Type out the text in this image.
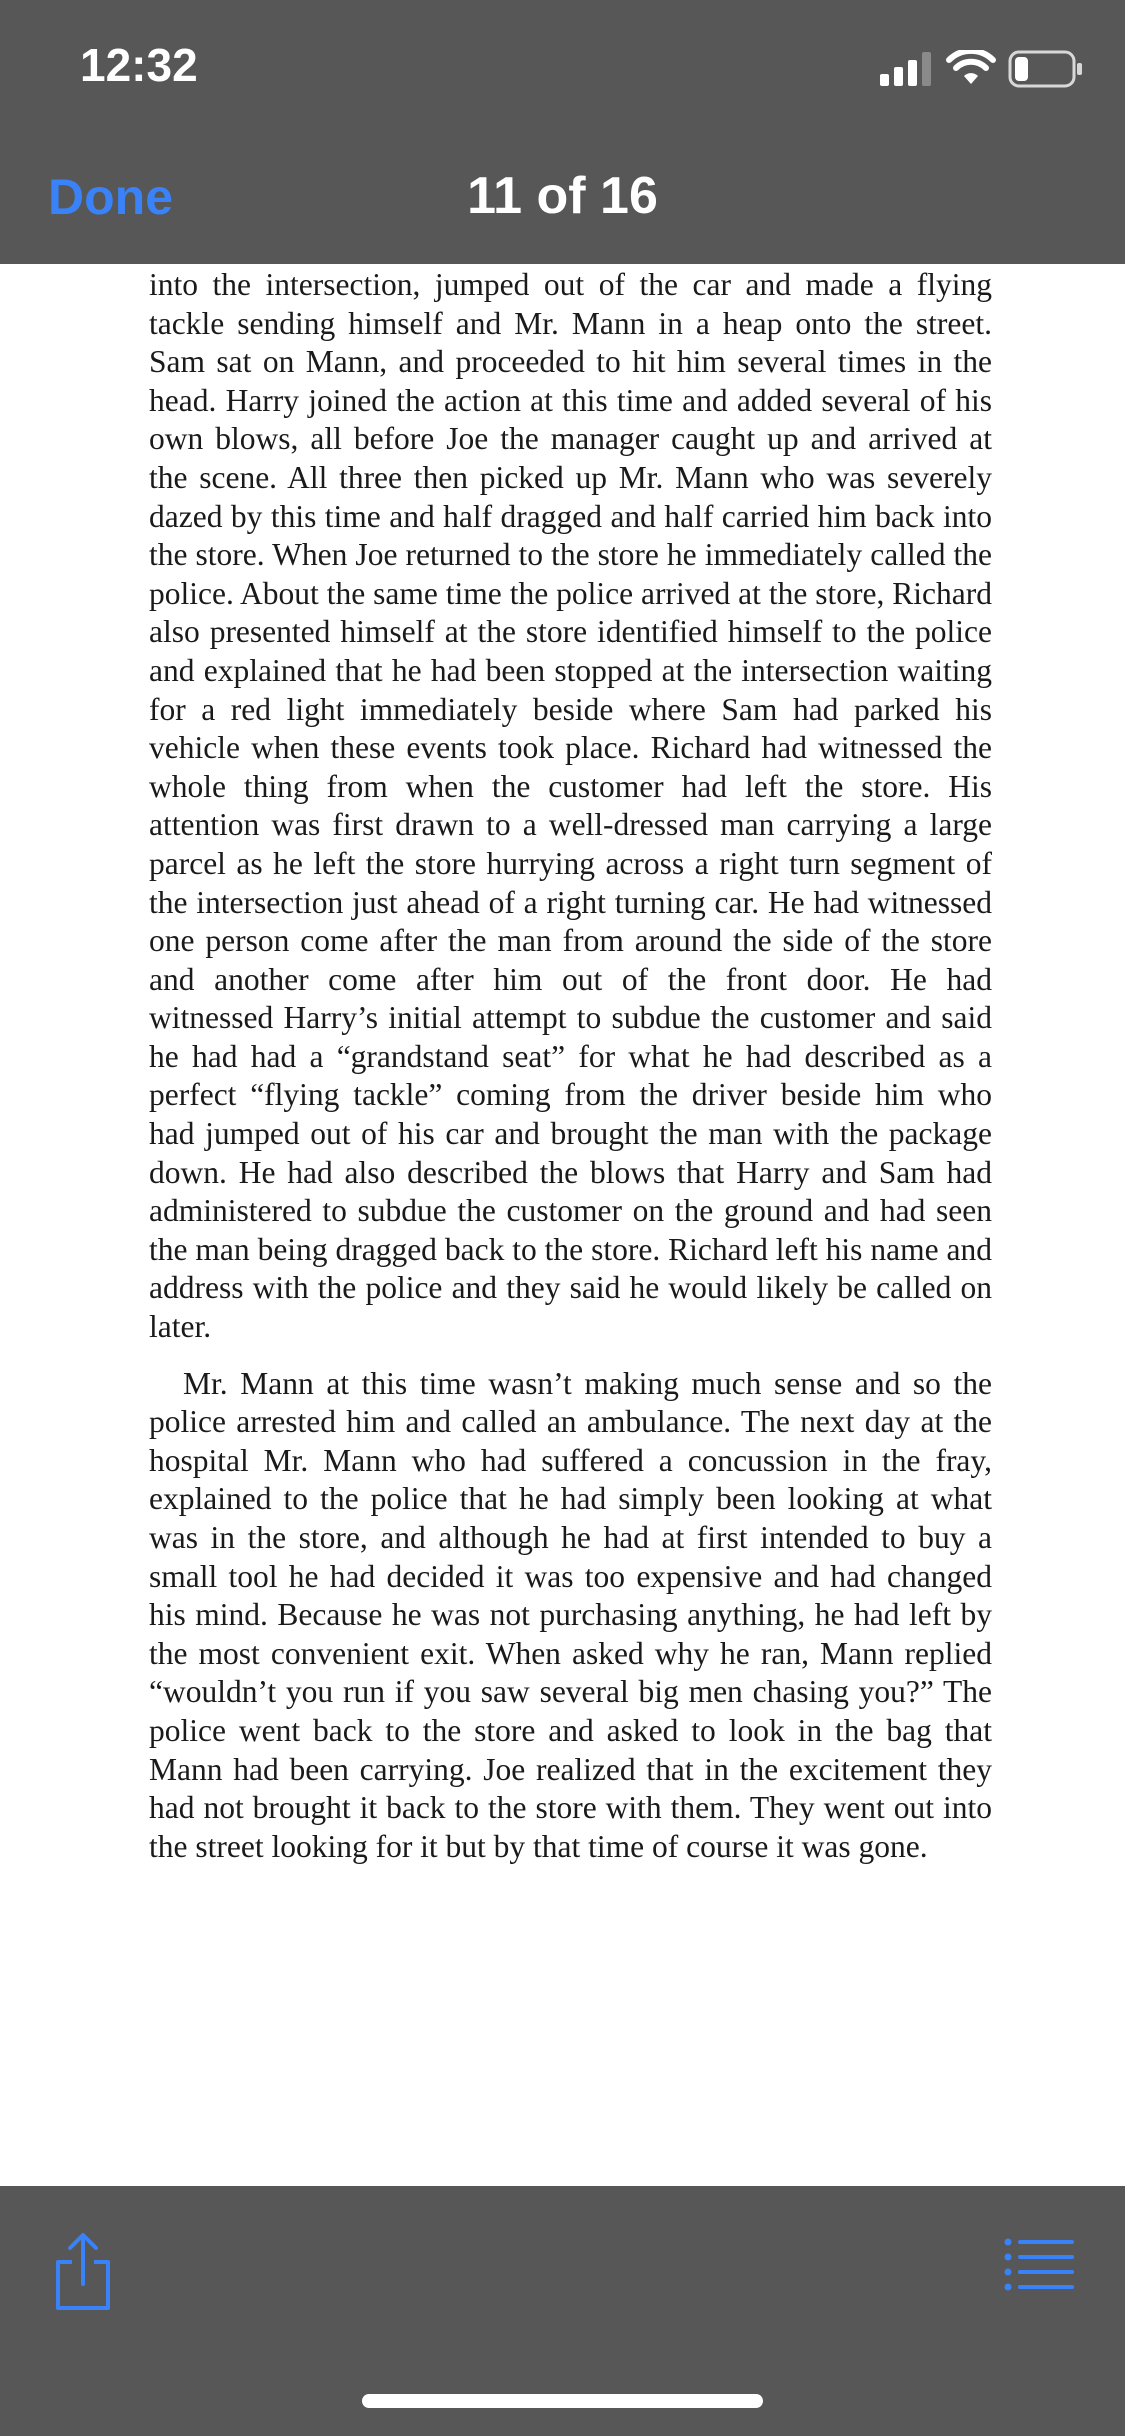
12:32
Done	11 of 16

into the intersection, jumped out of the car and made a flying tackle sending himself and Mr. Mann in a heap onto the street. Sam sat on Mann, and proceeded to hit him several times in the head. Harry joined the action at this time and added several of his own blows, all before Joe the manager caught up and arrived at the scene. All three then picked up Mr. Mann who was severely dazed by this time and half dragged and half carried him back into the store. When Joe returned to the store he immediately called the police. About the same time the police arrived at the store, Richard also presented himself at the store identified himself to the police and explained that he had been stopped at the intersection waiting for a red light immediately beside where Sam had parked his vehicle when these events took place. Richard had witnessed the whole thing from when the customer had left the store. His attention was first drawn to a well-dressed man carrying a large parcel as he left the store hurrying across a right turn segment of the intersection just ahead of a right turning car. He had witnessed one person come after the man from around the side of the store and another come after him out of the front door. He had witnessed Harry’s initial attempt to subdue the customer and said he had had a “grandstand seat” for what he had described as a perfect “flying tackle” coming from the driver beside him who had jumped out of his car and brought the man with the package down. He had also described the blows that Harry and Sam had administered to subdue the customer on the ground and had seen the man being dragged back to the store. Richard left his name and address with the police and they said he would likely be called on later.

Mr. Mann at this time wasn’t making much sense and so the police arrested him and called an ambulance. The next day at the hospital Mr. Mann who had suffered a concussion in the fray, explained to the police that he had simply been looking at what was in the store, and although he had at first intended to buy a small tool he had decided it was too expensive and had changed his mind. Because he was not purchasing anything, he had left by the most convenient exit. When asked why he ran, Mann replied “wouldn’t you run if you saw several big men chasing you?” The police went back to the store and asked to look in the bag that Mann had been carrying. Joe realized that in the excitement they had not brought it back to the store with them. They went out into the street looking for it but by that time of course it was gone.
